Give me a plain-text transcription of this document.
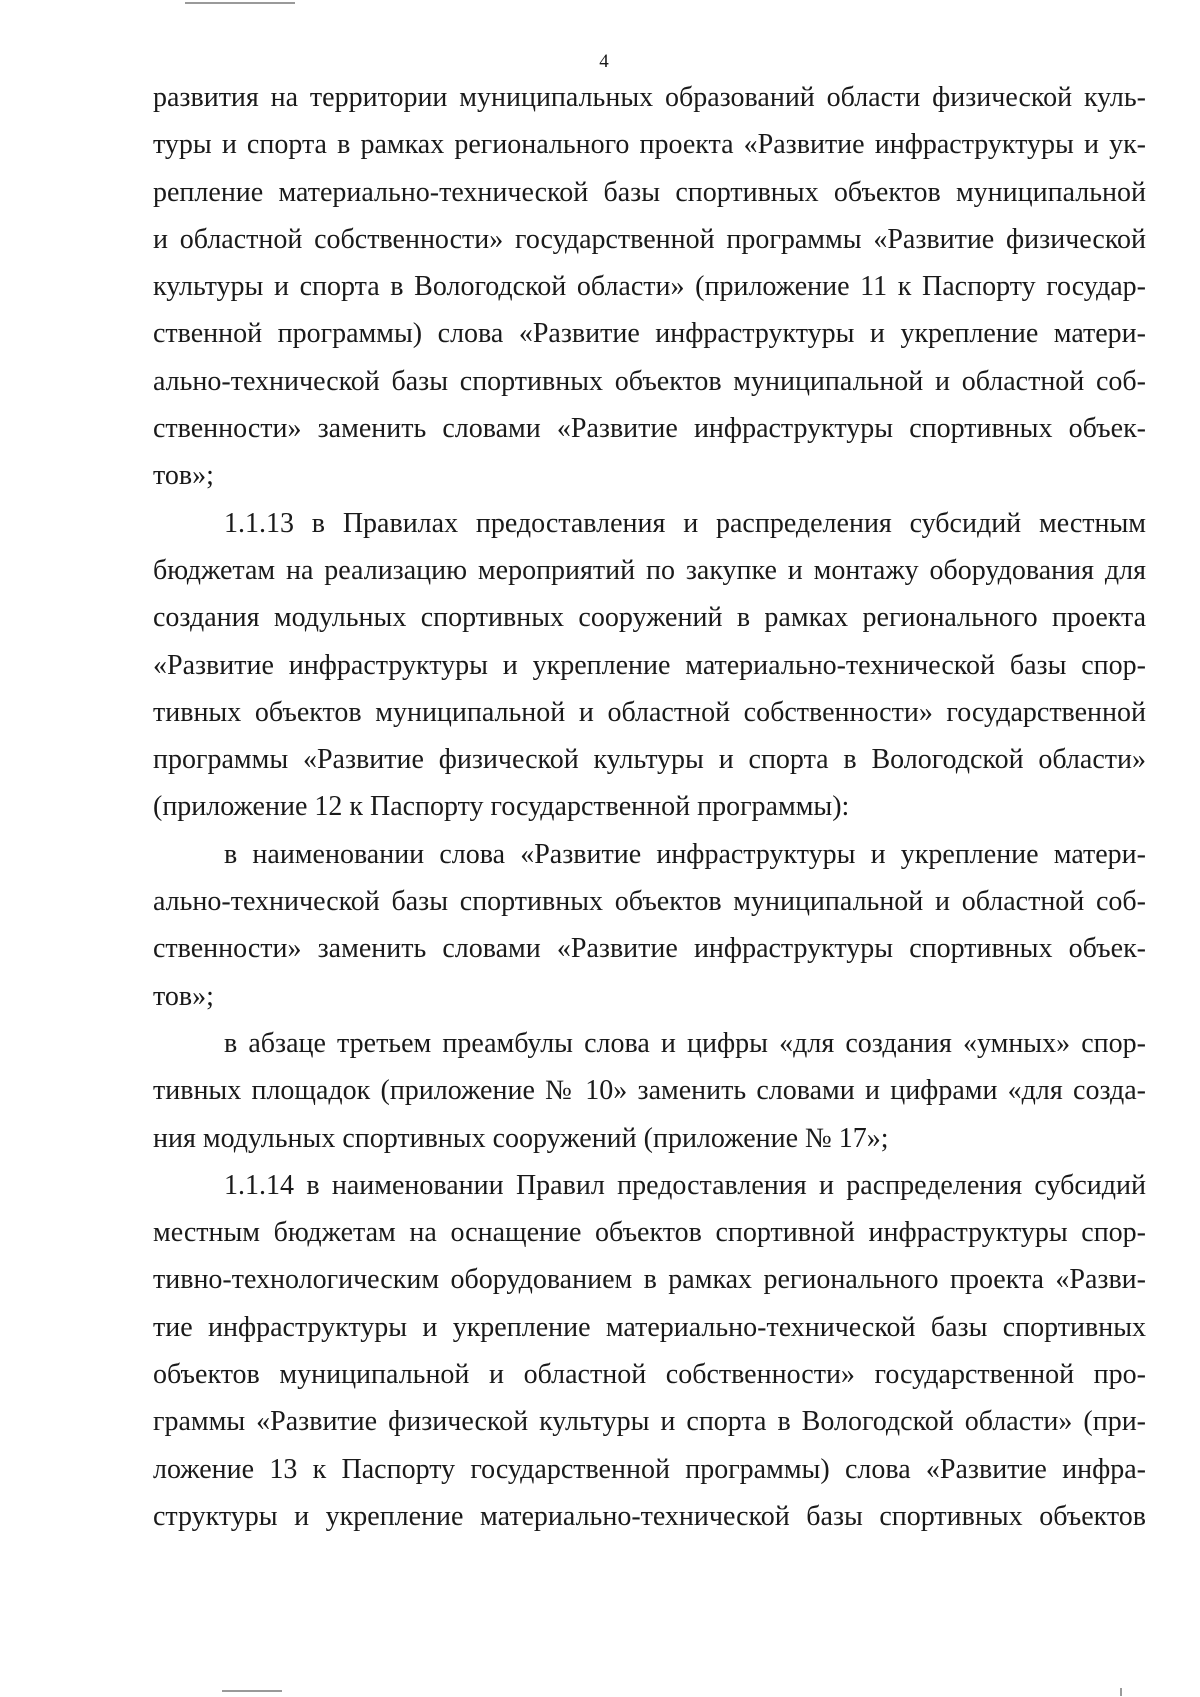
4
развития на территории муниципальных образований области физической куль-
туры и спорта в рамках регионального проекта «Развитие инфраструктуры и ук-
репление материально-технической базы спортивных объектов муниципальной
и областной собственности» государственной программы «Развитие физической
культуры и спорта в Вологодской области» (приложение 11 к Паспорту государ-
ственной программы) слова «Развитие инфраструктуры и укрепление матери-
ально-технической базы спортивных объектов муниципальной и областной соб-
ственности» заменить словами «Развитие инфраструктуры спортивных объек-
тов»;
1.1.13 в Правилах предоставления и распределения субсидий местным
бюджетам на реализацию мероприятий по закупке и монтажу оборудования для
создания модульных спортивных сооружений в рамках регионального проекта
«Развитие инфраструктуры и укрепление материально-технической базы спор-
тивных объектов муниципальной и областной собственности» государственной
программы «Развитие физической культуры и спорта в Вологодской области»
(приложение 12 к Паспорту государственной программы):
в наименовании слова «Развитие инфраструктуры и укрепление матери-
ально-технической базы спортивных объектов муниципальной и областной соб-
ственности» заменить словами «Развитие инфраструктуры спортивных объек-
тов»;
в абзаце третьем преамбулы слова и цифры «для создания «умных» спор-
тивных площадок (приложение № 10» заменить словами и цифрами «для созда-
ния модульных спортивных сооружений (приложение № 17»;
1.1.14 в наименовании Правил предоставления и распределения субсидий
местным бюджетам на оснащение объектов спортивной инфраструктуры спор-
тивно-технологическим оборудованием в рамках регионального проекта «Разви-
тие инфраструктуры и укрепление материально-технической базы спортивных
объектов муниципальной и областной собственности» государственной про-
граммы «Развитие физической культуры и спорта в Вологодской области» (при-
ложение 13 к Паспорту государственной программы) слова «Развитие инфра-
структуры и укрепление материально-технической базы спортивных объектов
